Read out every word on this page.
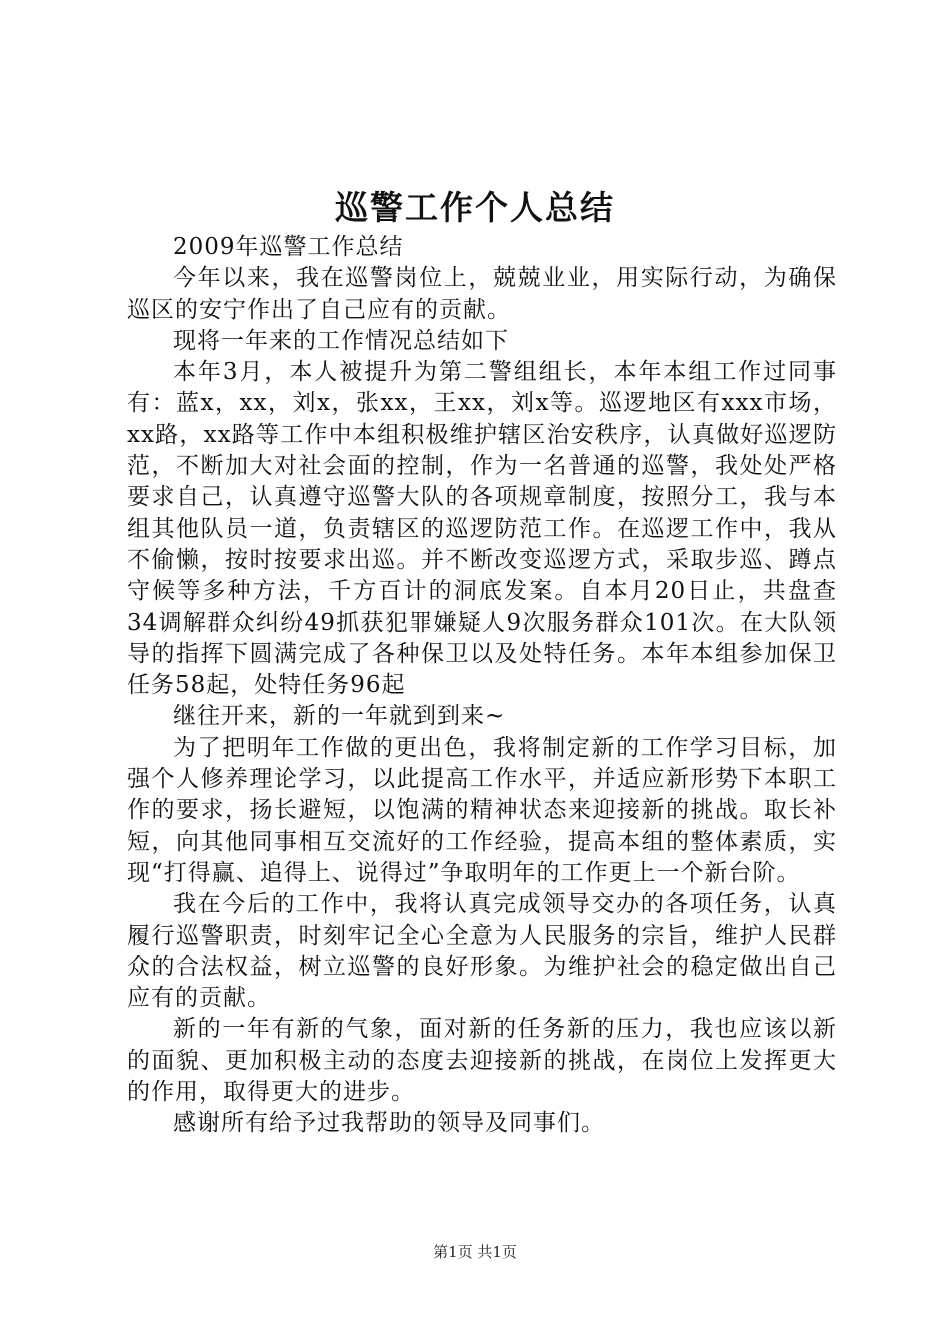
巡警工作个人总结

2009年巡警工作总结

今年以来，我在巡警岗位上，兢兢业业，用实际行动，为确保巡区的安宁作出了自己应有的贡献。

现将一年来的工作情况总结如下

本年3月，本人被提升为第二警组组长，本年本组工作过同事有：蓝x，xx，刘x，张xx，王xx，刘x等。巡逻地区有xxx市场，xx路，xx路等工作中本组积极维护辖区治安秩序，认真做好巡逻防范，不断加大对社会面的控制，作为一名普通的巡警，我处处严格要求自己，认真遵守巡警大队的各项规章制度，按照分工，我与本组其他队员一道，负责辖区的巡逻防范工作。在巡逻工作中，我从不偷懒，按时按要求出巡。并不断改变巡逻方式，采取步巡、蹲点守候等多种方法，千方百计的洞底发案。自本月20日止，共盘查34调解群众纠纷49抓获犯罪嫌疑人9次服务群众101次。在大队领导的指挥下圆满完成了各种保卫以及处特任务。本年本组参加保卫任务58起，处特任务96起

继往开来，新的一年就到到来~

为了把明年工作做的更出色，我将制定新的工作学习目标，加强个人修养理论学习，以此提高工作水平，并适应新形势下本职工作的要求，扬长避短，以饱满的精神状态来迎接新的挑战。取长补短，向其他同事相互交流好的工作经验，提高本组的整体素质，实现“打得赢、追得上、说得过”争取明年的工作更上一个新台阶。

我在今后的工作中，我将认真完成领导交办的各项任务，认真履行巡警职责，时刻牢记全心全意为人民服务的宗旨，维护人民群众的合法权益，树立巡警的良好形象。为维护社会的稳定做出自己应有的贡献。

新的一年有新的气象，面对新的任务新的压力，我也应该以新的面貌、更加积极主动的态度去迎接新的挑战，在岗位上发挥更大的作用，取得更大的进步。

感谢所有给予过我帮助的领导及同事们。

第1页 共1页
